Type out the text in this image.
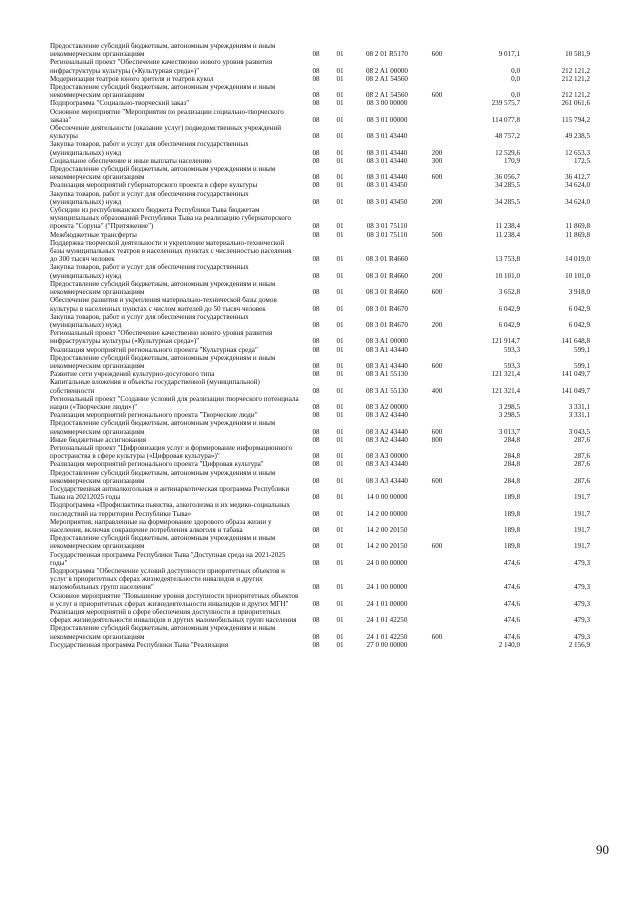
Предоставление субсидий бюджетным, автономным учреждениям и иным некоммерческим организациям	08	01	08 2 01 R5170	600	9 017,1	10 581,9
Региональный проект "Обеспечение качественно нового уровня развития инфраструктуры культуры («Культурная среда»)"	08	01	08 2 A1 00000		0,0	212 121,2
Модернизация театров юного зрителя и театров кукол	08	01	08 2 A1 54560		0,0	212 121,2
Предоставление субсидий бюджетным, автономным учреждениям и иным некоммерческим организациям	08	01	08 2 A1 54560	600	0,0	212 121,2
Подпрограмма "Социально-творческий заказ"	08	01	08 3 00 00000		239 575,7	261 061,6
Основное мероприятие "Мероприятия по реализации социально-творческого заказа"	08	01	08 3 01 00000		114 077,8	115 794,2
Обеспечение деятельности (оказание услуг) подведомственных учреждений культуры	08	01	08 3 01 43440		48 757,2	49 238,5
Закупка товаров, работ и услуг для обеспечения государственных (муниципальных) нужд	08	01	08 3 01 43440	200	12 529,6	12 653,3
Социальное обеспечение и иные выплаты населению	08	01	08 3 01 43440	300	170,9	172,5
Предоставление субсидий бюджетным, автономным учреждениям и иным некоммерческим организациям	08	01	08 3 01 43440	600	36 056,7	36 412,7
Реализация мероприятий губернаторского проекта в сфере культуры	08	01	08 3 01 43450		34 285,5	34 624,0
Закупка товаров, работ и услуг для обеспечения государственных (муниципальных) нужд	08	01	08 3 01 43450	200	34 285,5	34 624,0
Субсидии из республиканского бюджета Республики Тыва бюджетам муниципальных образований Республики Тыва на реализацию губернаторского проекта "Соруна" ("Притяжение")	08	01	08 3 01 75110		11 238,4	11 869,8
Межбюджетные трансферты	08	01	08 3 01 75110	500	11 238,4	11 869,8
Поддержка творческой деятельности и укрепление материально-технической базы муниципальных театров в населенных пунктах с численностью населения до 300 тысяч человек	08	01	08 3 01 R4660		13 753,8	14 019,0
Закупка товаров, работ и услуг для обеспечения государственных (муниципальных) нужд	08	01	08 3 01 R4660	200	10 101,0	10 101,0
Предоставление субсидий бюджетным, автономным учреждениям и иным некоммерческим организациям	08	01	08 3 01 R4660	600	3 652,8	3 918,0
Обеспечение развития и укрепления материально-технической базы домов культуры в населенных пунктах с числом жителей до 50 тысяч человек	08	01	08 3 01 R4670		6 042,9	6 042,9
Закупка товаров, работ и услуг для обеспечения государственных (муниципальных) нужд	08	01	08 3 01 R4670	200	6 042,9	6 042,9
Региональный проект "Обеспечение качественно нового уровня развития инфраструктуры культуры («Культурная среда»)"	08	01	08 3 A1 00000		121 914,7	141 648,8
Реализация мероприятий регионального проекта "Культурная среда"	08	01	08 3 A1 43440		593,3	599,1
Предоставление субсидий бюджетным, автономным учреждениям и иным некоммерческим организациям	08	01	08 3 A1 43440	600	593,3	599,1
Развитие сети учреждений культурно-досугового типа	08	01	08 3 A1 55130		121 321,4	141 049,7
Капитальные вложения в объекты государственной (муниципальной) собственности	08	01	08 3 A1 55130	400	121 321,4	141 049,7
Региональный проект "Создание условий для реализации творческого потенциала нации («Творческие люди»)"	08	01	08 3 A2 00000		3 298,5	3 331,1
Реализация мероприятий регионального проекта "Творческие люди"	08	01	08 3 A2 43440		3 298,5	3 331,1
Предоставление субсидий бюджетным, автономным учреждениям и иным некоммерческим организациям	08	01	08 3 A2 43440	600	3 013,7	3 043,5
Иные бюджетные ассигнования	08	01	08 3 A2 43440	800	284,8	287,6
Региональный проект "Цифровизация услуг и формирование информационного пространства в сфере культуры («Цифровая культура»)"	08	01	08 3 A3 00000		284,8	287,6
Реализация мероприятий регионального проекта "Цифровая культура"	08	01	08 3 A3 43440		284,8	287,6
Предоставление субсидий бюджетным, автономным учреждениям и иным некоммерческим организациям	08	01	08 3 A3 43440	600	284,8	287,6
Государственная антиалкогольная и антинаркотическая программа Республики Тыва на 20212025 годы	08	01	14 0 00 00000		189,8	191,7
Подпрограмма «Профилактика пьянства, алкоголизма и их медико-социальных последствий на территории Республики Тыва»	08	01	14 2 00 00000		189,8	191,7
Мероприятия, направленные на формирование здорового образа жизни у населения, включая сокращение потребления алкоголя и табака	08	01	14 2 00 20150		189,8	191,7
Предоставление субсидий бюджетным, автономным учреждениям и иным некоммерческим организациям	08	01	14 2 00 20150	600	189,8	191,7
Государственная программа Республики Тыва "Доступная среда на 2021-2025 годы"	08	01	24 0 00 00000		474,6	479,3
Подпрограмма "Обеспечение условий доступности приоритетных объектов и услуг в приоритетных сферах жизнедеятельности инвалидов и других маломобильных групп населения"	08	01	24 1 00 00000		474,6	479,3
Основное мероприятие "Повышение уровня доступности приоритетных объектов и услуг в приоритетных сферах жизнедеятельности инвалидов и других МГН"	08	01	24 1 01 00000		474,6	479,3
Реализация мероприятий в сфере обеспечения доступности в приоритетных сферах жизнедеятельности инвалидов и других маломобильных групп населения	08	01	24 1 01 42250		474,6	479,3
Предоставление субсидий бюджетным, автономным учреждениям и иным некоммерческим организациям	08	01	24 1 01 42250	600	474,6	479,3
Государственная программа Республики Тыва "Реализация	08	01	27 0 00 00000		2 140,0	2 156,9
90
